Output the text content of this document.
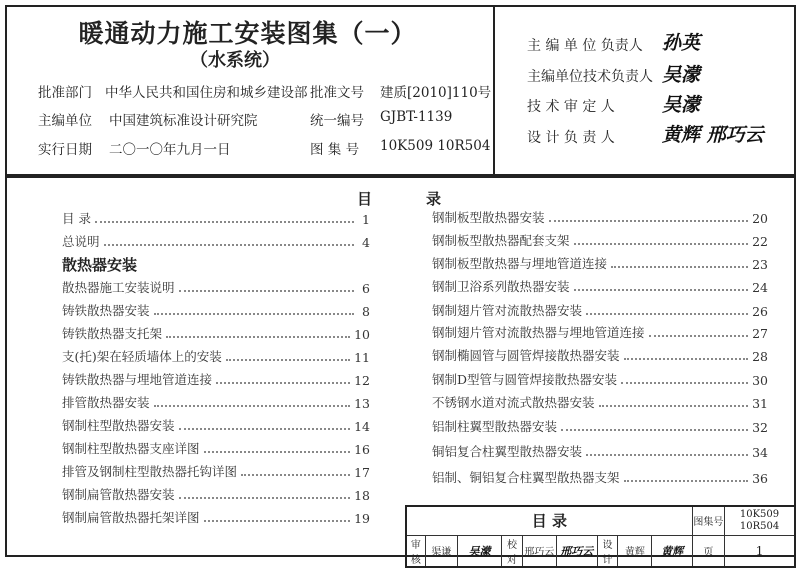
暖通动力施工安装图集（一）
（水系统）
批准部门 中华人民共和国住房和城乡建设部 批准文号 建质[2010]110号
主编单位 中国建筑标准设计研究院	统一编号 GJBT-1139
实行日期 二〇一〇年九月一日	图 集 号 10K509 10R504
主 编 单 位 负责人 孙英
主编单位技术负责人 吴濛
技 术 审 定 人 吴濛
设 计 负 责 人 黄辉 邢巧云
目	录
目 录	1
总说明	4
散热器安装
散热器施工安装说明	6
铸铁散热器安装	8
铸铁散热器支托架	10
支(托)架在轻质墙体上的安装	11
铸铁散热器与埋地管道连接	12
排管散热器安装	13
钢制柱型散热器安装	14
钢制柱型散热器支座详图	16
排管及钢制柱型散热器托钩详图	17
钢制扁管散热器安装	18
钢制扁管散热器托架详图	19
钢制板型散热器安装	20
钢制板型散热器配套支架	22
钢制板型散热器与埋地管道连接	23
钢制卫浴系列散热器安装	24
钢制翅片管对流散热器安装	26
钢制翅片管对流散热器与埋地管道连接	27
钢制椭圆管与圆管焊接散热器安装	28
钢制D型管与圆管焊接散热器安装	30
不锈钢水道对流式散热器安装	31
铝制柱翼型散热器安装	32
铜铝复合柱翼型散热器安装	34
铝制、铜铝复合柱翼型散热器支架	36
目 录									图集号	10K509
10R504

审核	渠谦	吴濛	校对	邢巧云	邢巧云	设计	黄辉	黄辉	页	1
